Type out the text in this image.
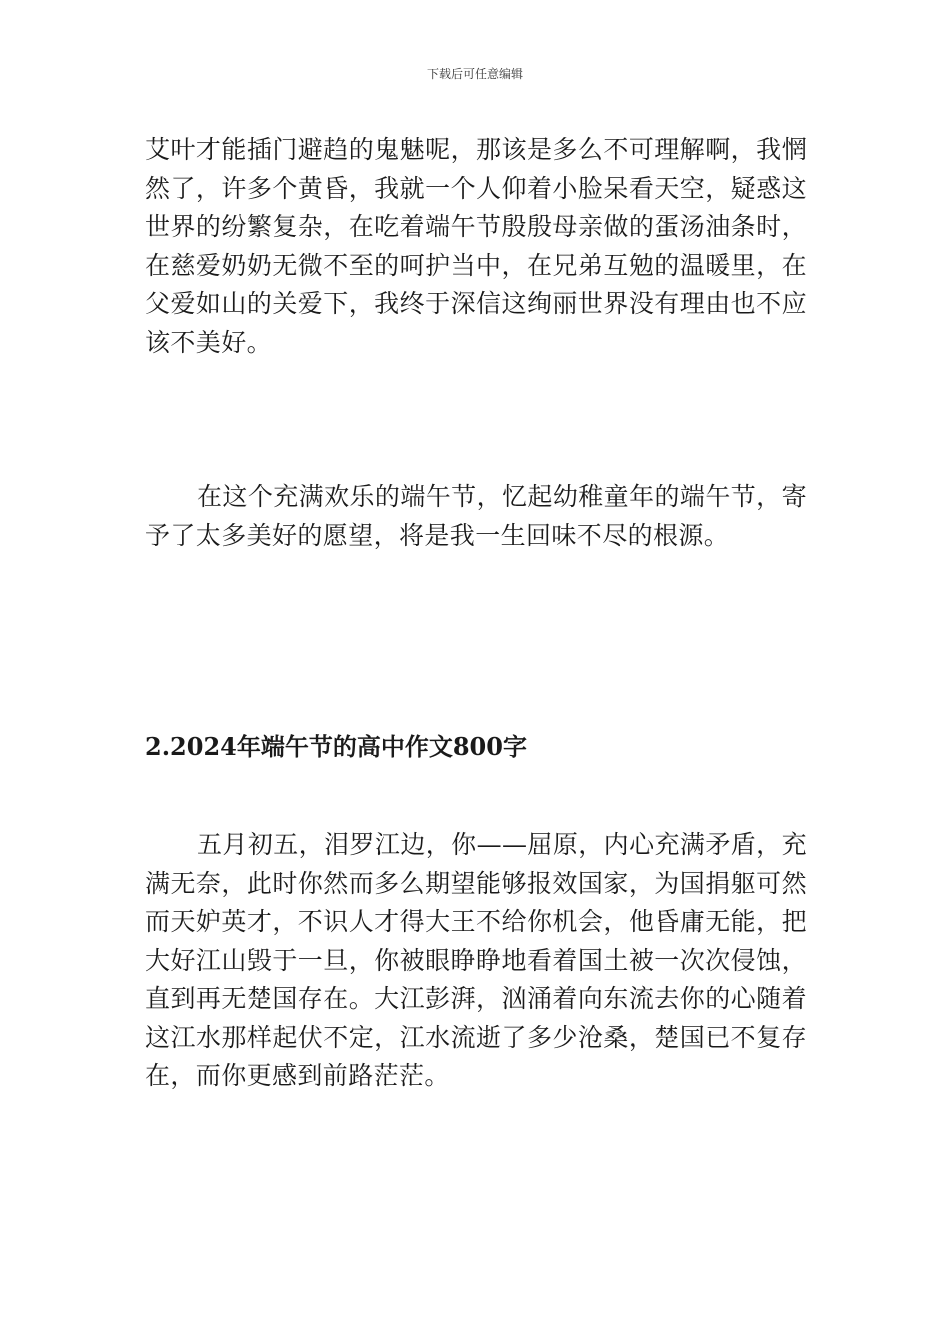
下载后可任意编辑

艾叶才能插门避趋的鬼魅呢，那该是多么不可理解啊，我惘然了，许多个黄昏，我就一个人仰着小脸呆看天空，疑惑这世界的纷繁复杂，在吃着端午节殷殷母亲做的蛋汤油条时，在慈爱奶奶无微不至的呵护当中，在兄弟互勉的温暖里，在父爱如山的关爱下，我终于深信这绚丽世界没有理由也不应该不美好。

在这个充满欢乐的端午节，忆起幼稚童年的端午节，寄予了太多美好的愿望，将是我一生回味不尽的根源。

2.2024年端午节的高中作文800字

五月初五，泪罗江边，你——屈原，内心充满矛盾，充满无奈，此时你然而多么期望能够报效国家，为国捐躯可然而天妒英才，不识人才得大王不给你机会，他昏庸无能，把大好江山毁于一旦，你被眼睁睁地看着国土被一次次侵蚀，直到再无楚国存在。大江彭湃，汹涌着向东流去你的心随着这江水那样起伏不定，江水流逝了多少沧桑，楚国已不复存在，而你更感到前路茫茫。
